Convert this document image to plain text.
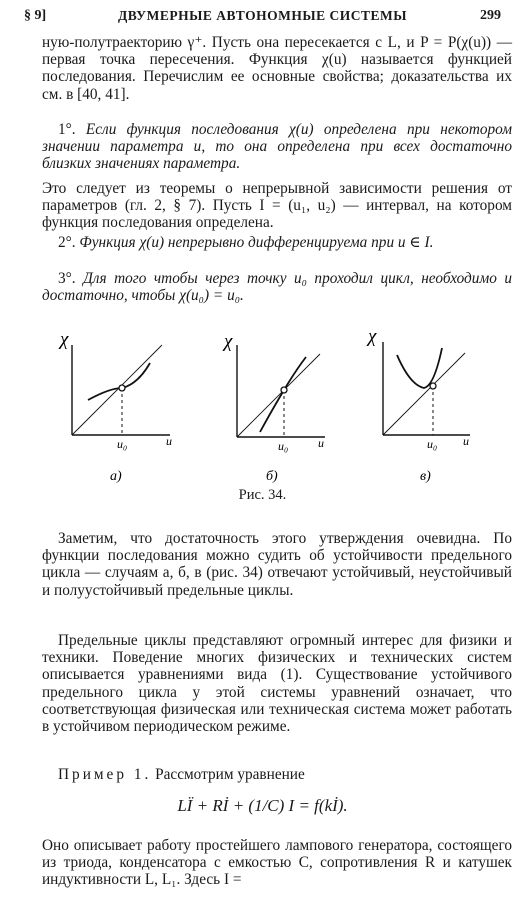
§ 9]	ДВУМЕРНЫЕ АВТОНОМНЫЕ СИСТЕМЫ	299

ную-полутраекторию γ⁺. Пусть она пересекается с L, и P = P(χ(u)) — первая точка пересечения. Функция χ(u) называется функцией последования. Перечислим ее основные свойства; доказательства их см. в [40, 41].

1°. Если функция последования χ(u) определена при некотором значении параметра u, то она определена при всех достаточно близких значениях параметра.

Это следует из теоремы о непрерывной зависимости решения от параметров (гл. 2, § 7). Пусть I = (u₁, u₂) — интервал, на котором функция последования определена.

2°. Функция χ(u) непрерывно дифференцируема при u ∈ I.

3°. Для того чтобы через точку u₀ проходил цикл, необходимо и достаточно, чтобы χ(u₀) = u₀.

χ
u₀	u
а)
χ
u₀ u
б)
χ
u₀ u
в)
Рис. 34.

Заметим, что достаточность этого утверждения очевидна. По функции последования можно судить об устойчивости предельного цикла — случаям а, б, в (рис. 34) отвечают устойчивый, неустойчивый и полуустойчивый предельные циклы.

Предельные циклы представляют огромный интерес для физики и техники. Поведение многих физических и технических систем описывается уравнениями вида (1). Существование устойчивого предельного цикла у этой системы уравнений означает, что соответствующая физическая или техническая система может работать в устойчивом периодическом режиме.

Пример 1. Рассмотрим уравнение

LÏ + Rİ + (1/C) I = f(kİ).

Оно описывает работу простейшего лампового генератора, состоящего из триода, конденсатора с емкостью C, сопротивления R и катушек индуктивности L, L₁. Здесь I =
